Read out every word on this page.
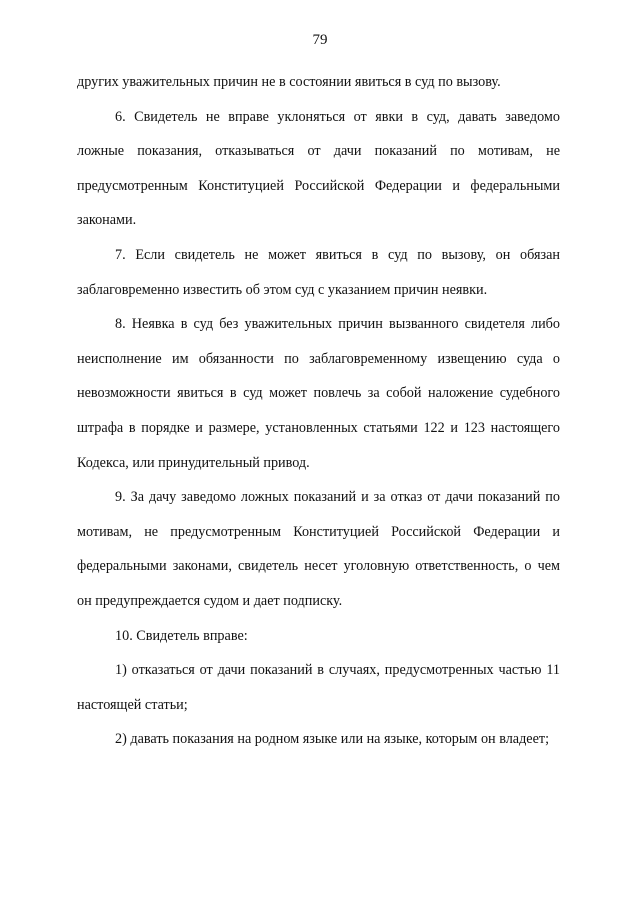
79

других уважительных причин не в состоянии явиться в суд по вызову.

6. Свидетель не вправе уклоняться от явки в суд, давать заведомо ложные показания, отказываться от дачи показаний по мотивам, не предусмотренным Конституцией Российской Федерации и федеральными законами.

7. Если свидетель не может явиться в суд по вызову, он обязан заблаговременно известить об этом суд с указанием причин неявки.

8. Неявка в суд без уважительных причин вызванного свидетеля либо неисполнение им обязанности по заблаговременному извещению суда о невозможности явиться в суд может повлечь за собой наложение судебного штрафа в порядке и размере, установленных статьями 122 и 123 настоящего Кодекса, или принудительный привод.

9. За дачу заведомо ложных показаний и за отказ от дачи показаний по мотивам, не предусмотренным Конституцией Российской Федерации и федеральными законами, свидетель несет уголовную ответственность, о чем он предупреждается судом и дает подписку.

10. Свидетель вправе:

1) отказаться от дачи показаний в случаях, предусмотренных частью 11 настоящей статьи;

2) давать показания на родном языке или на языке, которым он владеет;
